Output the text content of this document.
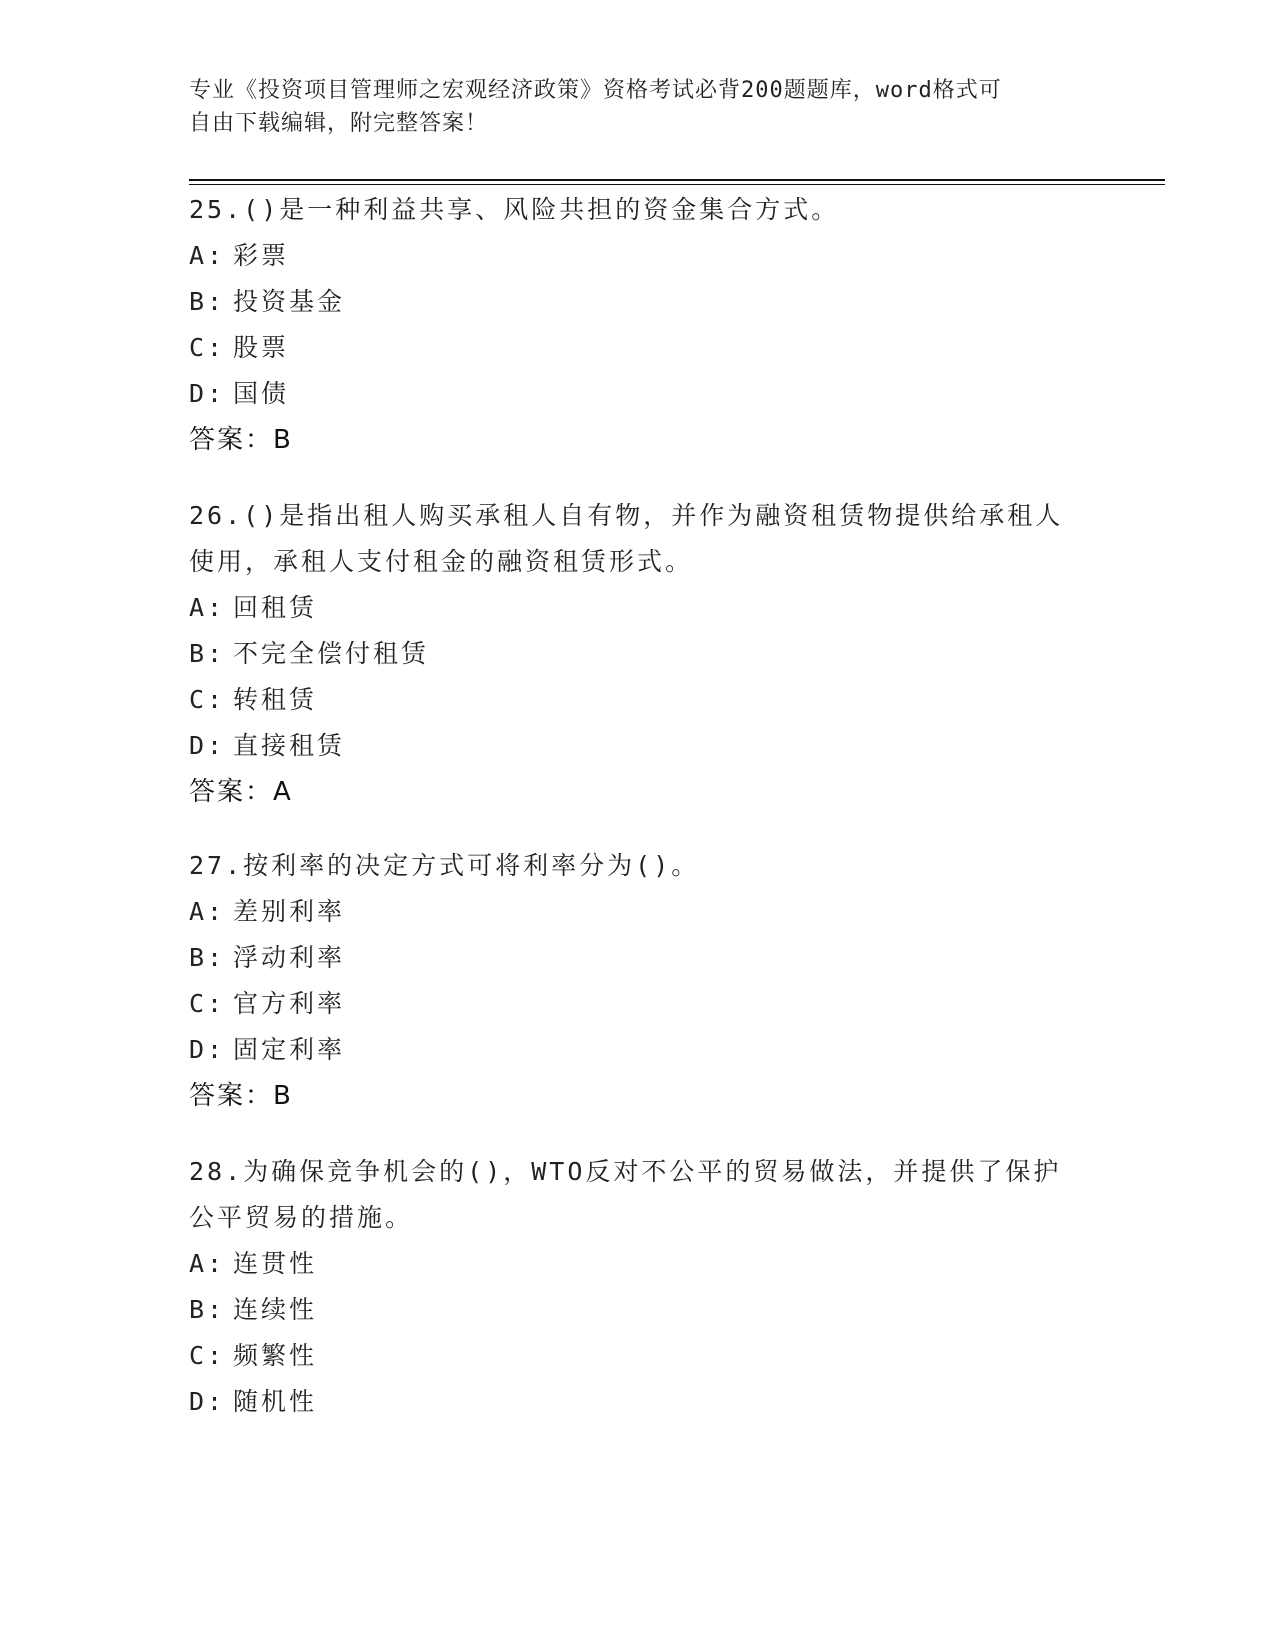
专业《投资项目管理师之宏观经济政策》资格考试必背200题题库，word格式可
自由下载编辑，附完整答案！

25.()是一种利益共享、风险共担的资金集合方式。

A: 彩票
B: 投资基金
C: 股票
D: 国债
答案：B

26.()是指出租人购买承租人自有物，并作为融资租赁物提供给承租人使用，承租人支付租金的融资租赁形式。

A: 回租赁
B: 不完全偿付租赁
C: 转租赁
D: 直接租赁
答案：A

27.按利率的决定方式可将利率分为()。

A: 差别利率
B: 浮动利率
C: 官方利率
D: 固定利率
答案：B

28.为确保竞争机会的()，WTO反对不公平的贸易做法，并提供了保护公平贸易的措施。

A: 连贯性
B: 连续性
C: 频繁性
D: 随机性
